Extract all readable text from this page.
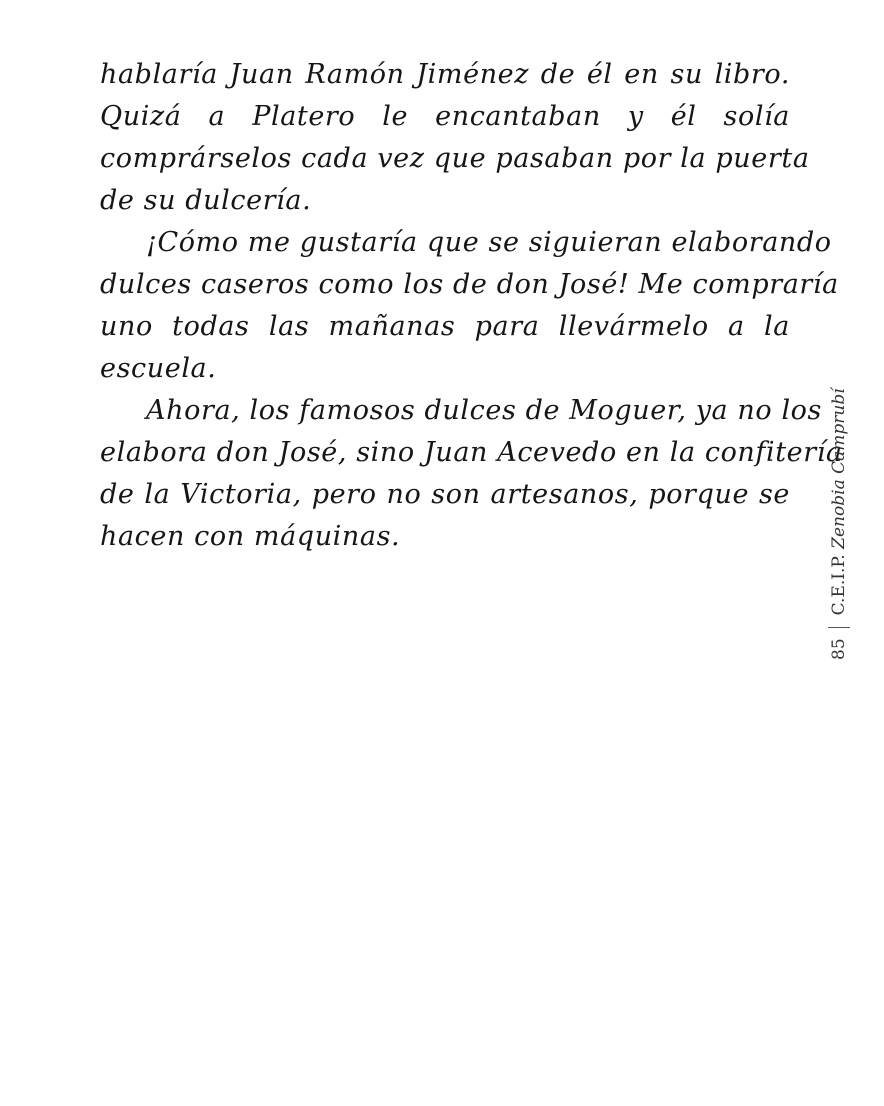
hablaría Juan Ramón Jiménez de él en su libro.
Quizá a Platero le encantaban y él solía
comprárselos cada vez que pasaban por la puerta
de su dulcería.
¡Cómo me gustaría que se siguieran elaborando
dulces caseros como los de don José! Me compraría
uno todas las mañanas para llevármelo a la
escuela.
Ahora, los famosos dulces de Moguer, ya no los
elabora don José, sino Juan Acevedo en la confitería
de la Victoria, pero no son artesanos, porque se
hacen con máquinas.
85
C.E.I.P. Zenobia Camprubí
